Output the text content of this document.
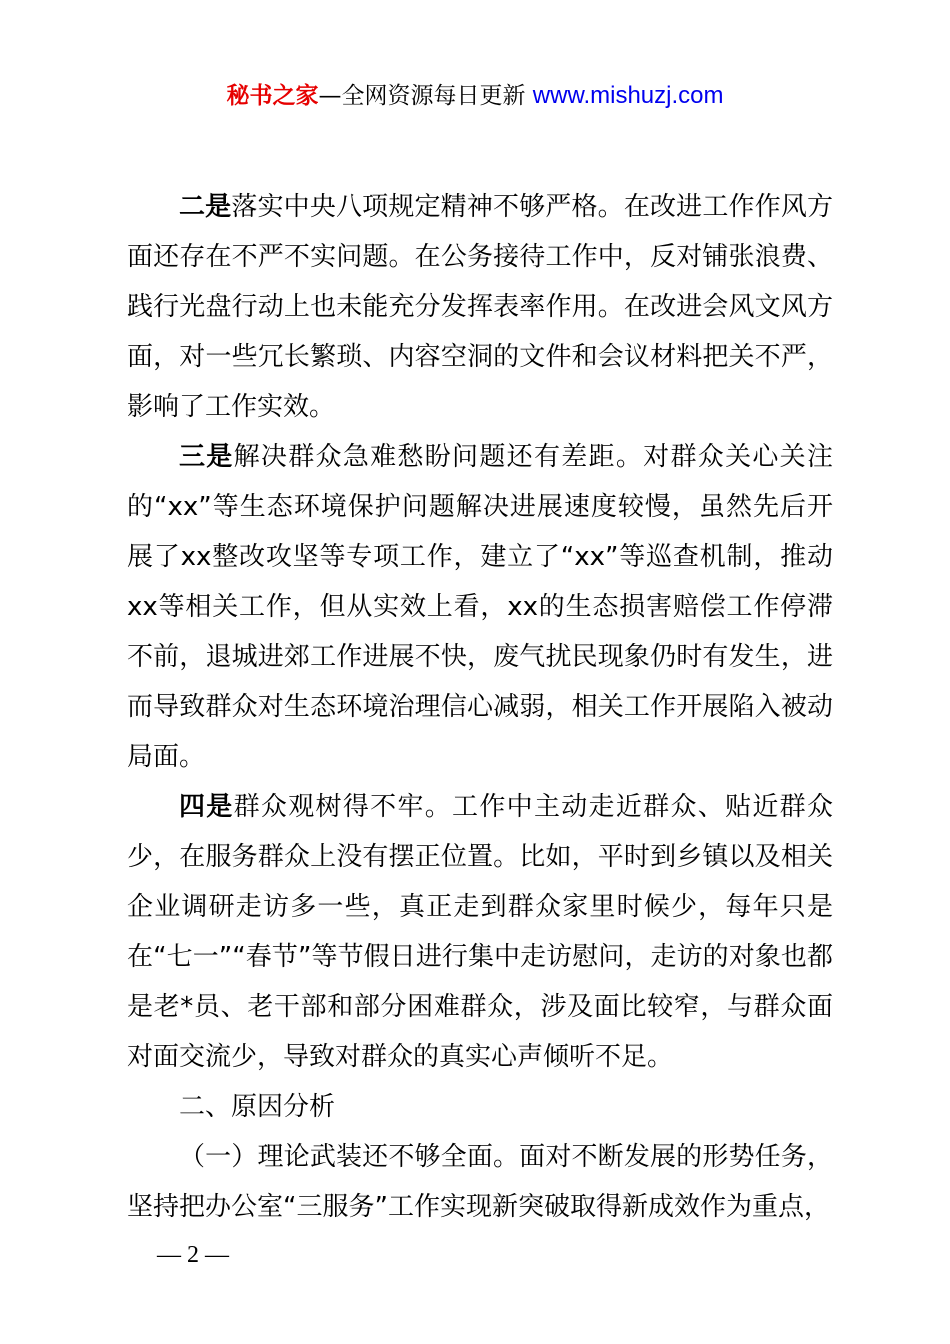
秘书之家—全网资源每日更新 www.mishuzj.com

二是落实中央八项规定精神不够严格。在改进工作作风方面还存在不严不实问题。在公务接待工作中，反对铺张浪费、践行光盘行动上也未能充分发挥表率作用。在改进会风文风方面，对一些冗长繁琐、内容空洞的文件和会议材料把关不严，影响了工作实效。

三是解决群众急难愁盼问题还有差距。对群众关心关注的“xx”等生态环境保护问题解决进展速度较慢，虽然先后开展了xx整改攻坚等专项工作，建立了“xx”等巡查机制，推动xx等相关工作，但从实效上看，xx的生态损害赔偿工作停滞不前，退城进郊工作进展不快，废气扰民现象仍时有发生，进而导致群众对生态环境治理信心减弱，相关工作开展陷入被动局面。

四是群众观树得不牢。工作中主动走近群众、贴近群众少，在服务群众上没有摆正位置。比如，平时到乡镇以及相关企业调研走访多一些，真正走到群众家里时候少，每年只是在“七一”“春节”等节假日进行集中走访慰问，走访的对象也都是老*员、老干部和部分困难群众，涉及面比较窄，与群众面对面交流少，导致对群众的真实心声倾听不足。

二、原因分析

（一）理论武装还不够全面。面对不断发展的形势任务，坚持把办公室“三服务”工作实现新突破取得新成效作为重点，

— 2 —
